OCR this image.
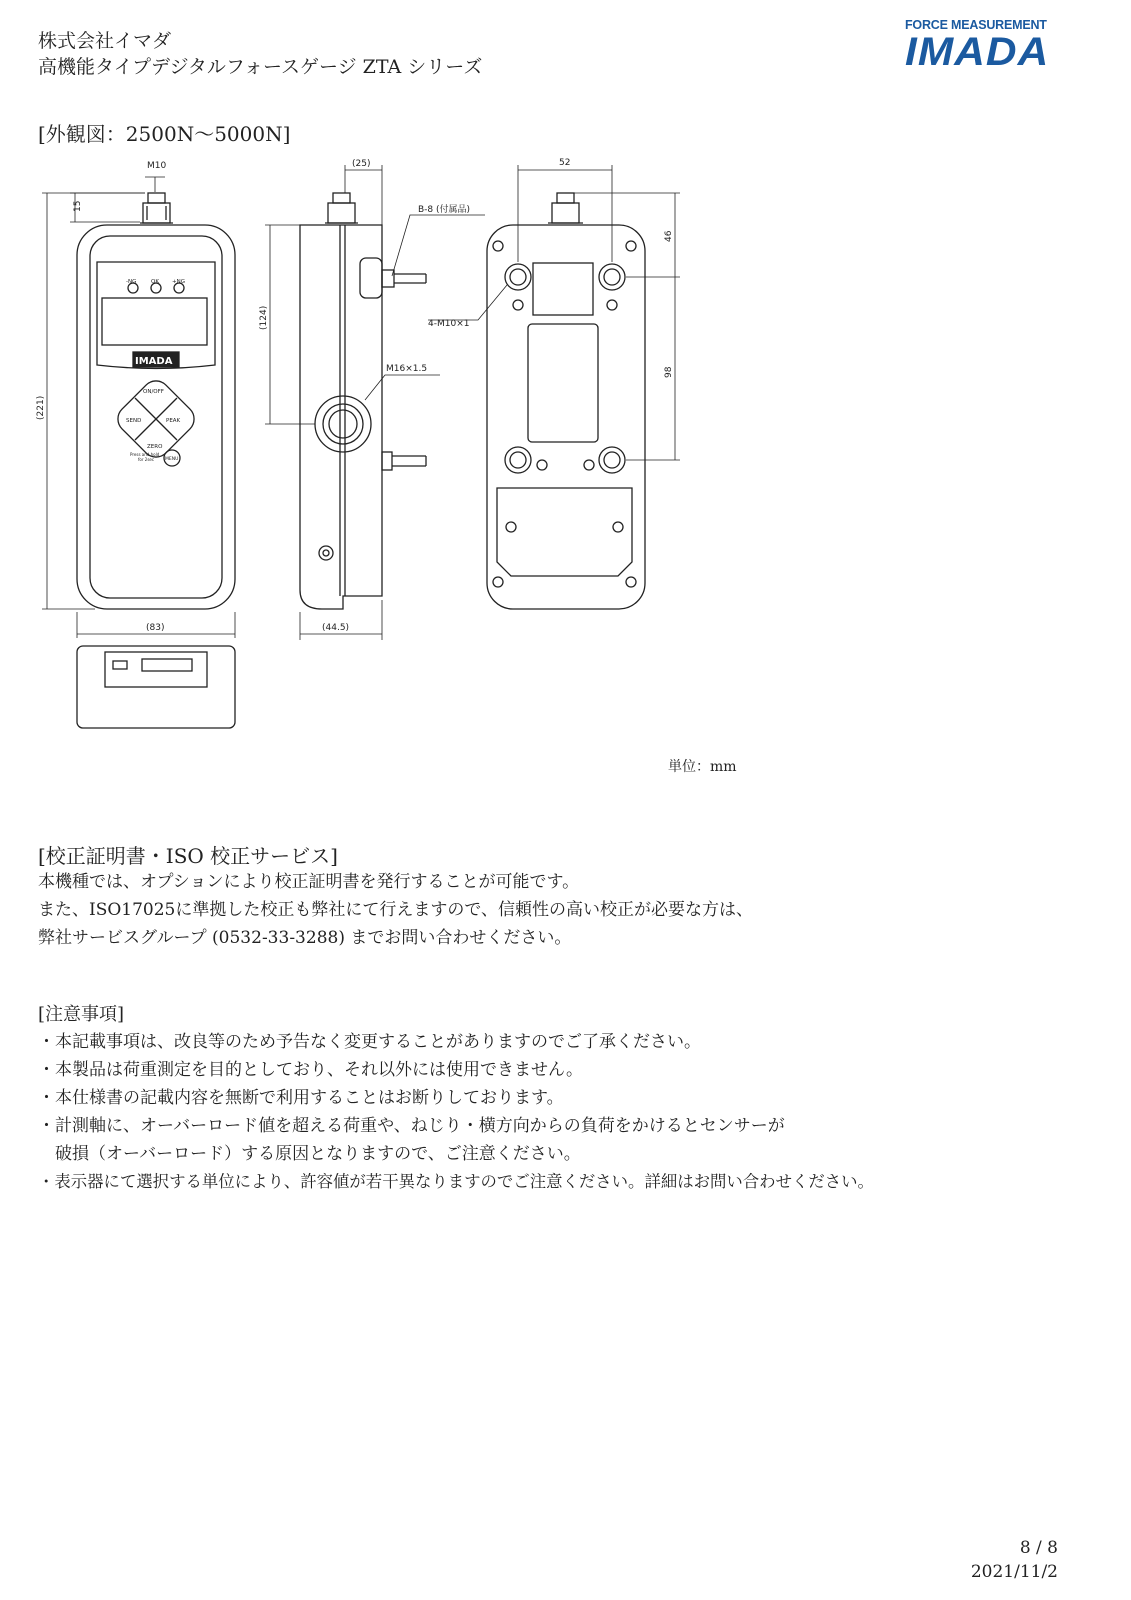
株式会社イマダ
高機能タイプデジタルフォースゲージ ZTA シリーズ
FORCE MEASUREMENT
IMADA
[外観図：2500N〜5000N]
M10
15
(221)
(83)
(25)
(124)
(44.5)
B-8 (付属品)
M16×1.5
52
46
98
4-M10×1
-NG	OK +NG
ON/OFF
SEND	PEAK
ZERO
MENU
Press and hold
for 2sec
IMADA
単位：mm
[校正証明書・ISO 校正サービス]
本機種では、オプションにより校正証明書を発行することが可能です。
また、ISO17025に準拠した校正も弊社にて行えますので、信頼性の高い校正が必要な方は、
弊社サービスグループ (0532-33-3288) までお問い合わせください。
[注意事項]
・本記載事項は、改良等のため予告なく変更することがありますのでご了承ください。
・本製品は荷重測定を目的としており、それ以外には使用できません。
・本仕様書の記載内容を無断で利用することはお断りしております。
・計測軸に、オーバーロード値を超える荷重や、ねじり・横方向からの負荷をかけるとセンサーが
　破損（オーバーロード）する原因となりますので、ご注意ください。
・表示器にて選択する単位により、許容値が若干異なりますのでご注意ください。詳細はお問い合わせください。
8 / 8
2021/11/2
